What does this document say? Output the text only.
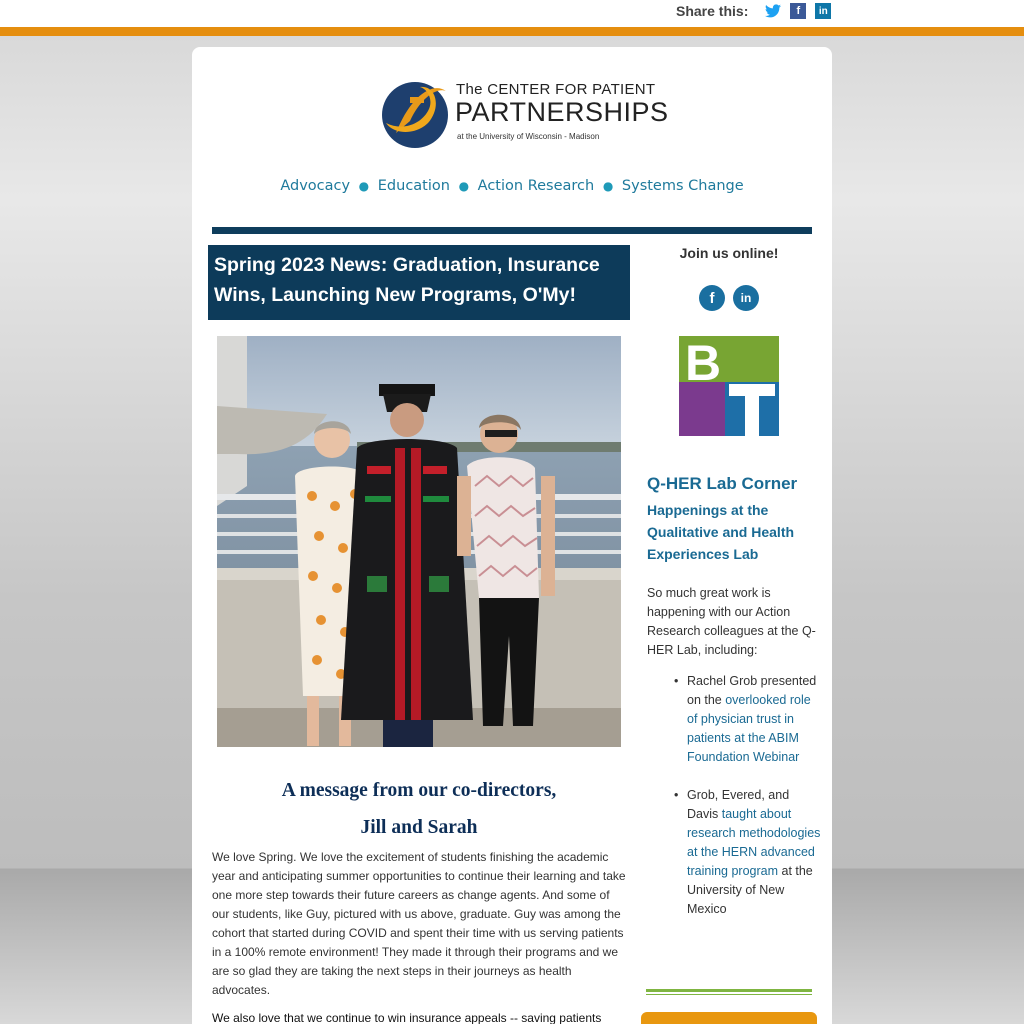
Share this:	f	in
The CENTER FOR PATIENT
PARTNERSHIPS
at the University of Wisconsin - Madison
Advocacy ● Education ● Action Research ● Systems Change
Spring 2023 News: Graduation, Insurance Wins, Launching New Programs, O'My!
A message from our co-directors,
Jill and Sarah
We love Spring. We love the excitement of students finishing the academic year and anticipating summer opportunities to continue their learning and take one more step towards their future careers as change agents. And some of our students, like Guy, pictured with us above, graduate. Guy was among the cohort that started during COVID and spent their time with us serving patients in a 100% remote environment! They made it through their programs and we are so glad they are taking the next steps in their journeys as health advocates.
We also love that we continue to win insurance appeals -- saving patients
Join us online!
f	in
B
T
Q-HER Lab Corner
Happenings at the Qualitative and Health Experiences Lab
So much great work is happening with our Action Research colleagues at the Q-HER Lab, including:
• Rachel Grob presented on the overlooked role of physician trust in patients at the ABIM Foundation Webinar
• Grob, Evered, and Davis taught about research methodologies at the HERN advanced training program at the University of New Mexico
